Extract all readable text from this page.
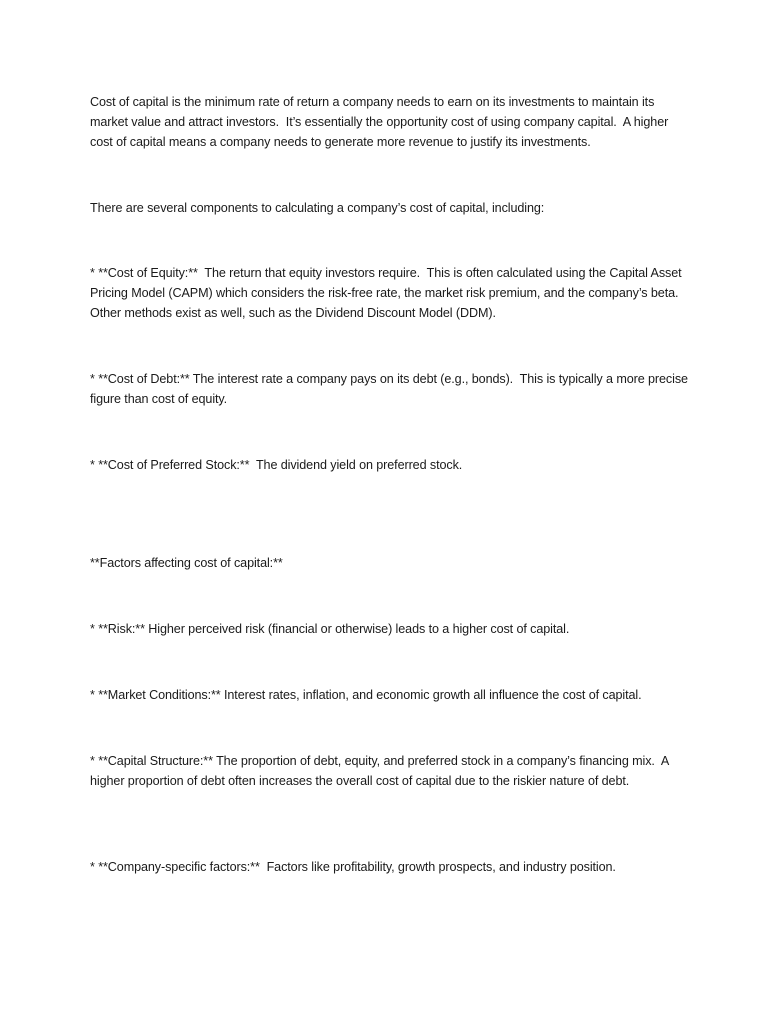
Cost of capital is the minimum rate of return a company needs to earn on its investments to maintain its market value and attract investors.  It’s essentially the opportunity cost of using company capital.  A higher cost of capital means a company needs to generate more revenue to justify its investments.

There are several components to calculating a company’s cost of capital, including:

* **Cost of Equity:**  The return that equity investors require.  This is often calculated using the Capital Asset Pricing Model (CAPM) which considers the risk-free rate, the market risk premium, and the company’s beta.  Other methods exist as well, such as the Dividend Discount Model (DDM).

* **Cost of Debt:** The interest rate a company pays on its debt (e.g., bonds).  This is typically a more precise figure than cost of equity.

* **Cost of Preferred Stock:**  The dividend yield on preferred stock.

**Factors affecting cost of capital:**

* **Risk:** Higher perceived risk (financial or otherwise) leads to a higher cost of capital.

* **Market Conditions:** Interest rates, inflation, and economic growth all influence the cost of capital.

* **Capital Structure:** The proportion of debt, equity, and preferred stock in a company’s financing mix.  A higher proportion of debt often increases the overall cost of capital due to the riskier nature of debt.

* **Company-specific factors:**  Factors like profitability, growth prospects, and industry position.
